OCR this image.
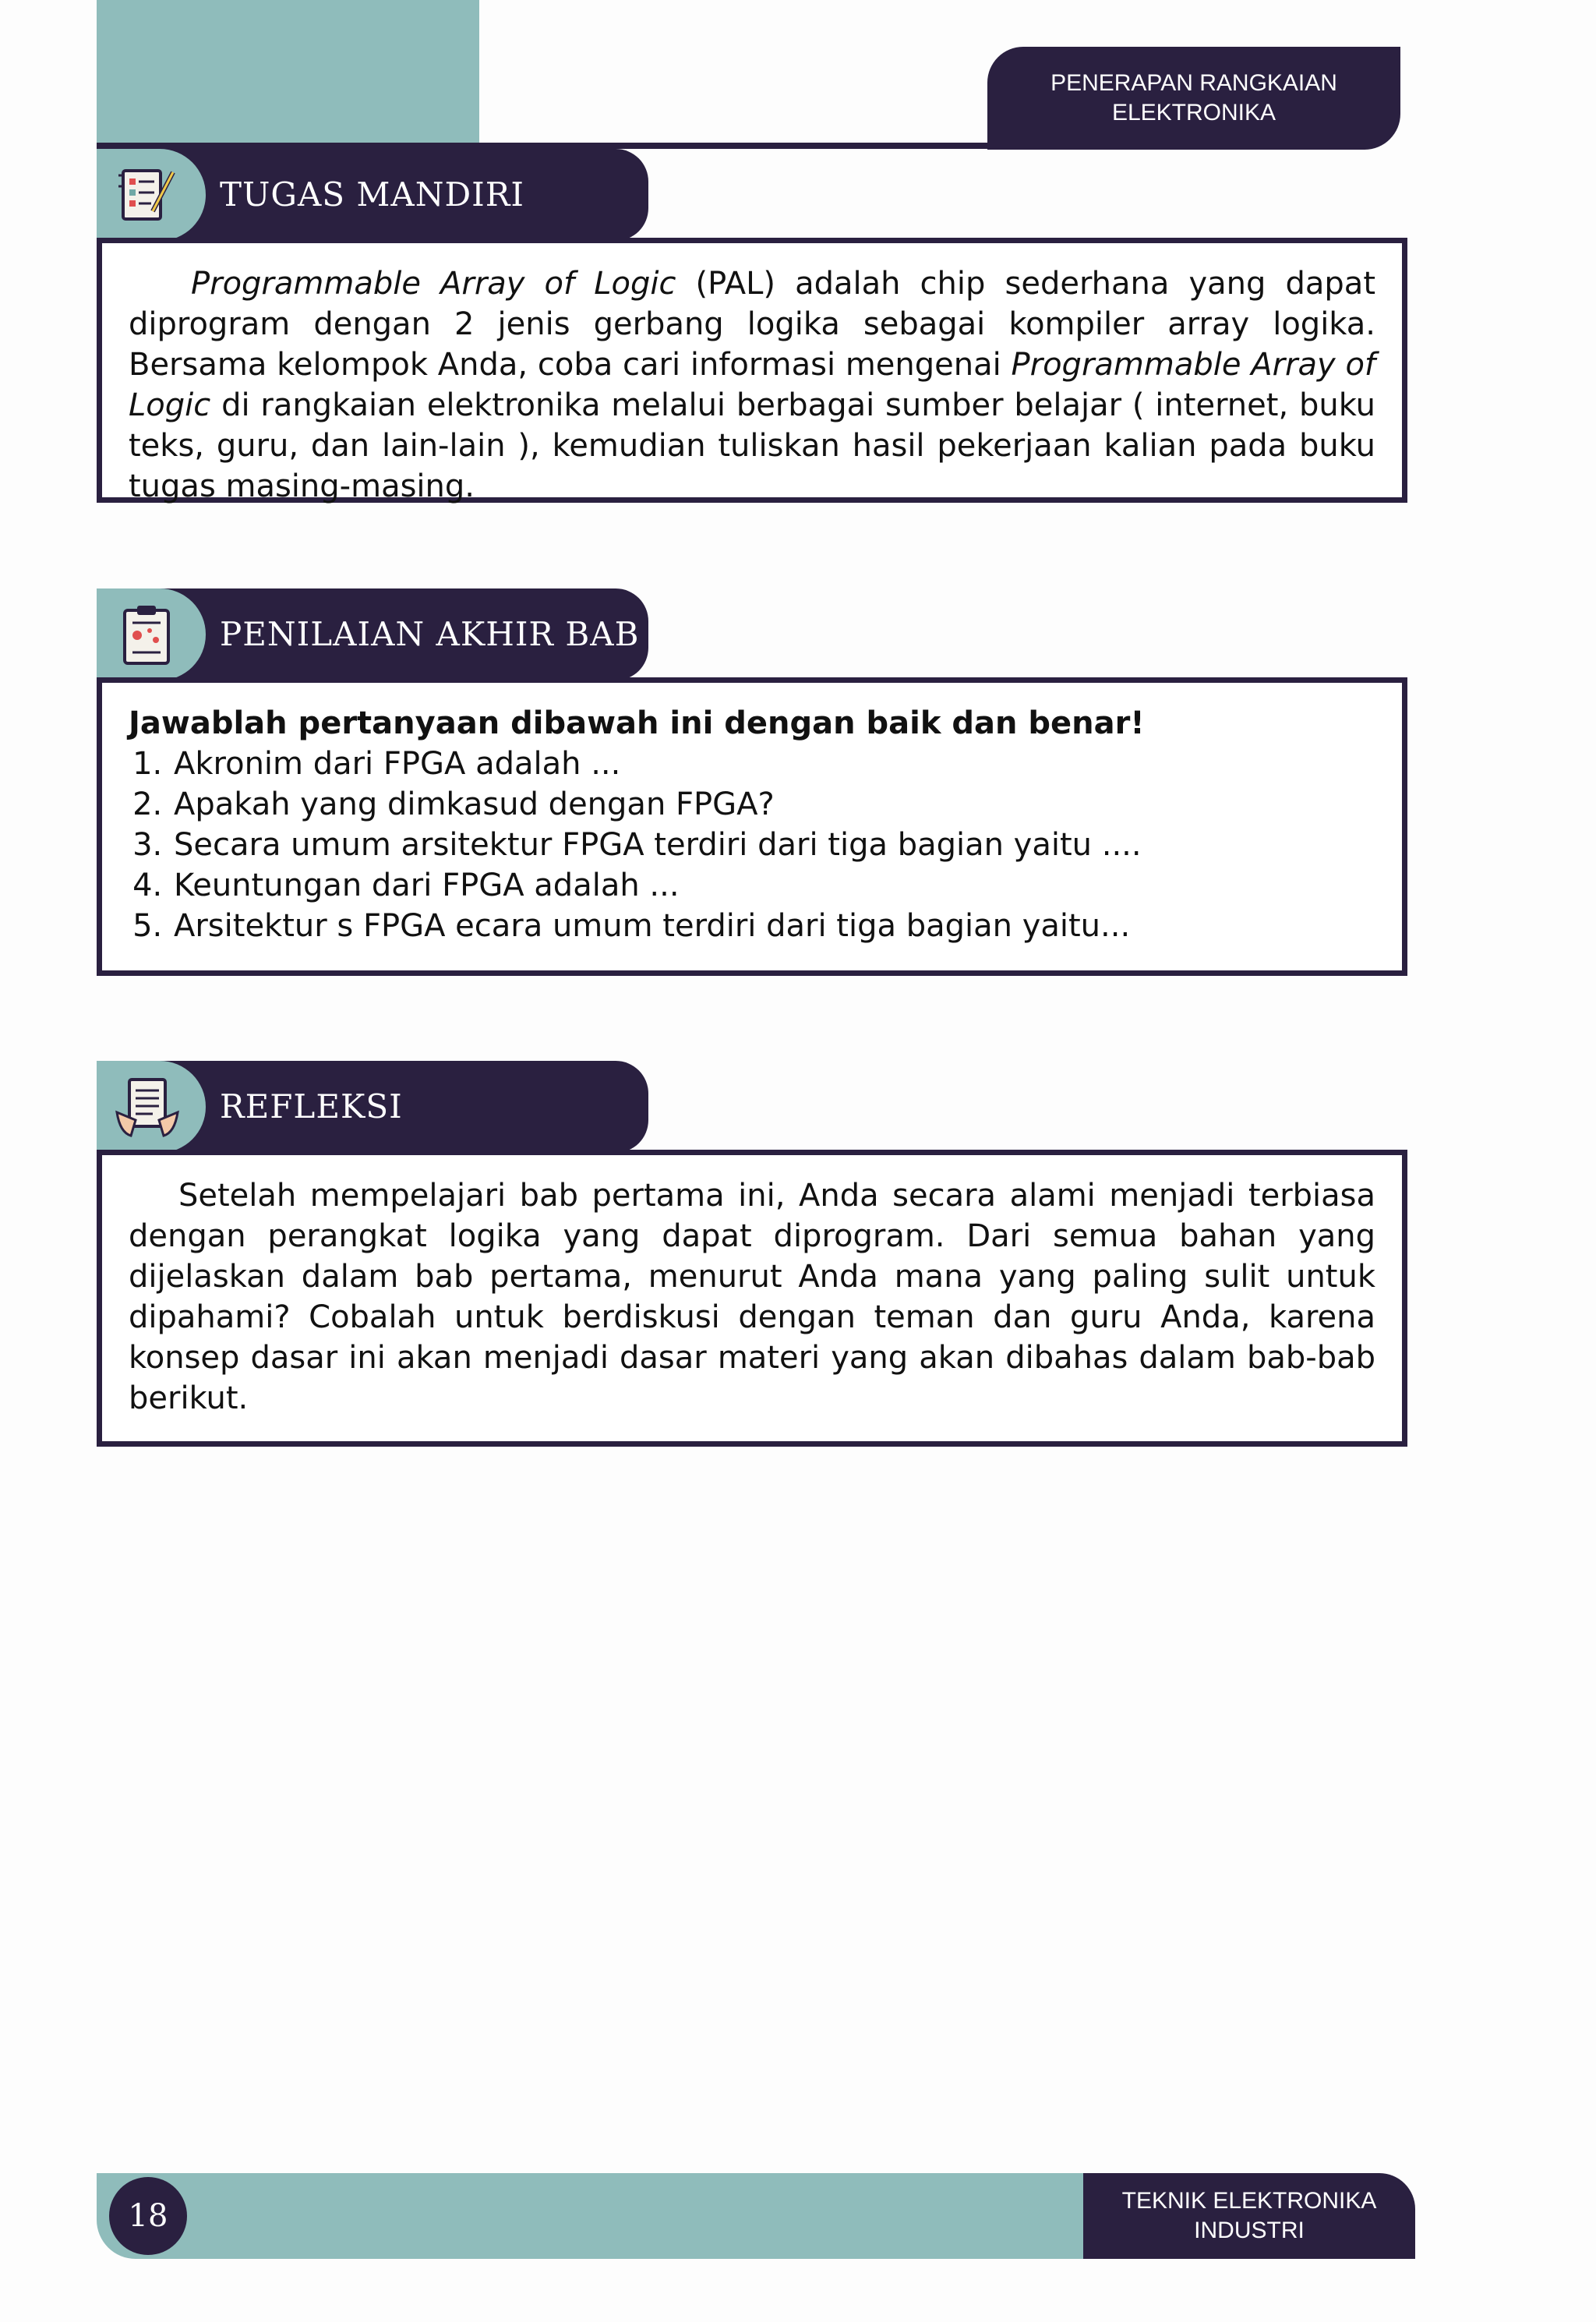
PENERAPAN RANGKAIAN
ELEKTRONIKA
TUGAS MANDIRI

Programmable Array of Logic (PAL) adalah chip sederhana yang dapat diprogram dengan 2 jenis gerbang logika sebagai kompiler array logika. Bersama kelompok Anda, coba cari informasi mengenai Programmable Array of Logic di rangkaian elektronika melalui berbagai sumber belajar ( internet, buku teks, guru, dan lain-lain ), kemudian tuliskan hasil pekerjaan kalian pada buku tugas masing-masing.

PENILAIAN AKHIR BAB

Jawablah pertanyaan dibawah ini dengan baik dan benar!

1. Akronim dari FPGA adalah ...
2. Apakah yang dimkasud dengan FPGA?
3. Secara umum arsitektur FPGA terdiri dari tiga bagian yaitu ....
4. Keuntungan dari FPGA adalah ...
5. Arsitektur s FPGA ecara umum terdiri dari tiga bagian yaitu...
REFLEKSI

Setelah mempelajari bab pertama ini, Anda secara alami menjadi terbiasa dengan perangkat logika yang dapat diprogram. Dari semua bahan yang dijelaskan dalam bab pertama, menurut Anda mana yang paling sulit untuk dipahami? Cobalah untuk berdiskusi dengan teman dan guru Anda, karena konsep dasar ini akan menjadi dasar materi yang akan dibahas dalam bab-bab berikut.

18	TEKNIK ELEKTRONIKA
INDUSTRI
